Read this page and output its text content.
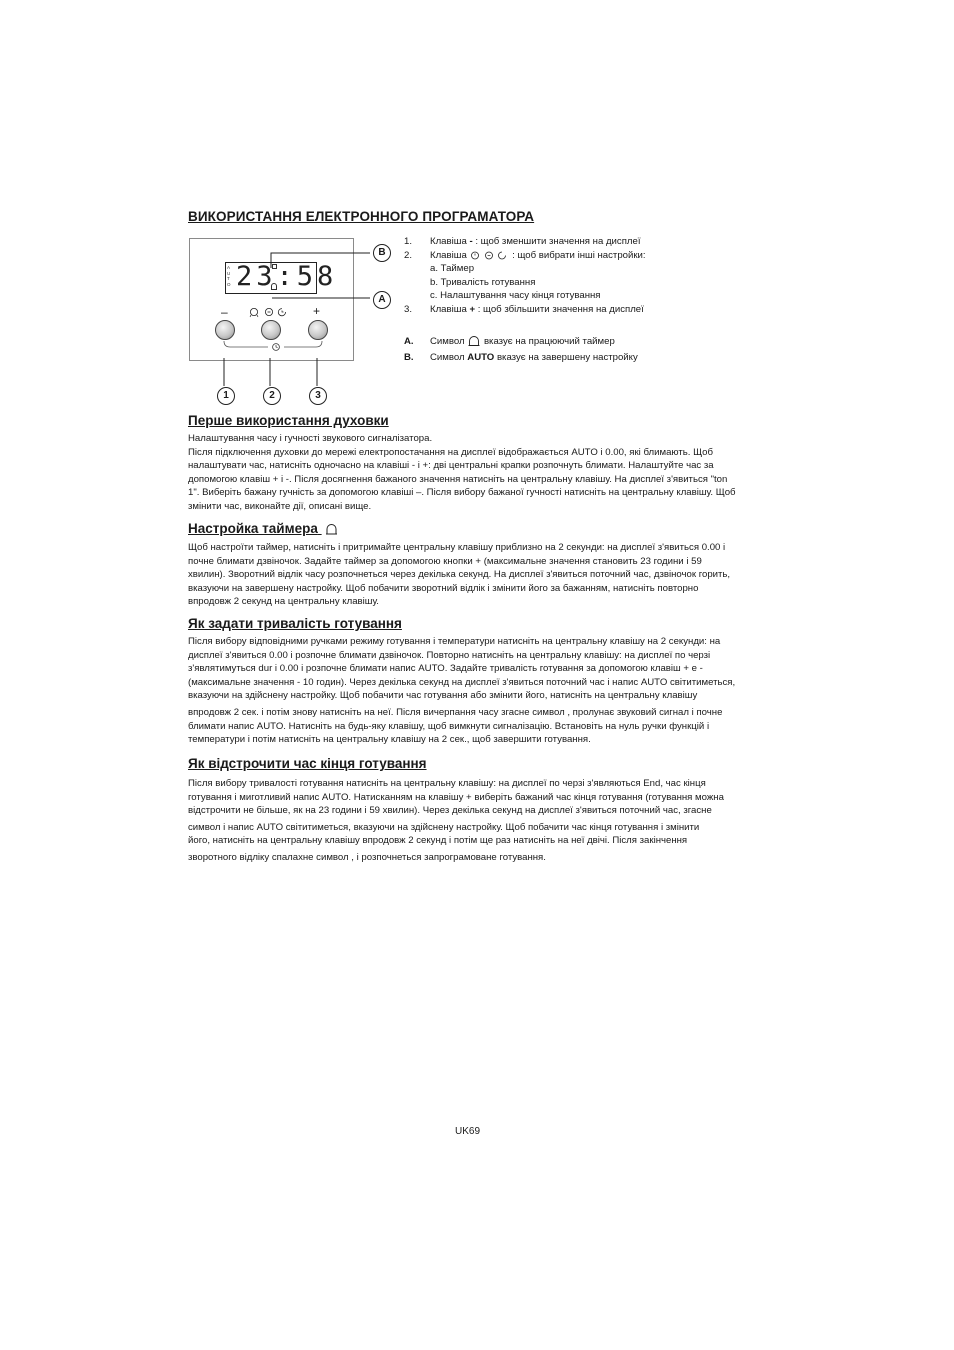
ВИКОРИСТАННЯ ЕЛЕКТРОННОГО ПРОГРАМАТОРА
A
U
T
O 23:58
–	+
B
A
1	2	3
1. Клавіша - : щоб зменшити значення на дисплеї
2. Клавіша	: щоб вибрати інші настройки:
a. Таймер
b. Тривалість готування
c. Налаштування часу кінця готування
3. Клавіша + : щоб збільшити значення на дисплеї
A. Символ  вказує на працюючий таймер
B. Символ AUTO вказує на завершену настройку
Перше використання духовки
Налаштування часу і гучності звукового сигналізатора.
Після підключення духовки до мережі електропостачання на дисплеї відображається AUTO і 0.00, які блимають. Щоб
налаштувати час, натисніть одночасно на клавіші - і +: дві центральні крапки розпочнуть блимати. Налаштуйте час за
допомогою клавіш + і -. Після досягнення бажаного значення натисніть на центральну клавішу. На дисплеї з'явиться "ton
1". Виберіть бажану гучність за допомогою клавіші –. Після вибору бажаної гучності натисніть на центральну клавішу. Щоб
змінити час, виконайте дії, описані вище.
Настройка таймера
Щоб настроїти таймер, натисніть і притримайте центральну клавішу приблизно на 2 секунди: на дисплеї з'явиться 0.00 і
почне блимати дзвіночок. Задайте таймер за допомогою кнопки + (максимальне значення становить 23 години і 59
хвилин). Зворотний відлік часу розпочнеться через декілька секунд. На дисплеї з'явиться поточний час, дзвіночок горить,
вказуючи на завершену настройку. Щоб побачити зворотний відлік і змінити його за бажанням, натисніть повторно
впродовж 2 секунд на центральну клавішу.
Як задати тривалість готування
Після вибору відповідними ручками режиму готування і температури натисніть на центральну клавішу на 2 секунди: на
дисплеї з'явиться 0.00 і розпочне блимати дзвіночок. Повторно натисніть на центральну клавішу: на дисплеї по черзі
з'являтимуться dur і 0.00 і розпочне блимати напис AUTO. Задайте тривалість готування за допомогою клавіш + e -
(максимальне значення - 10 годин). Через декілька секунд на дисплеї з'явиться поточний час і напис AUTO світитиметься,
вказуючи на здійснену настройку. Щоб побачити час готування або змінити його, натисніть на центральну клавішу
впродовж 2 сек. і потім знову натисніть на неї. Після вичерпання часу згасне символ , пролунає звуковий сигнал і почне
блимати напис AUTO. Натисніть на будь-яку клавішу, щоб вимкнути сигналізацію. Встановіть на нуль ручки функцій і
температури і потім натисніть на центральну клавішу на 2 сек., щоб завершити готування.
Як відстрочити час кінця готування
Після вибору тривалості готування натисніть на центральну клавішу: на дисплеї по черзі з'являються End, час кінця
готування і миготливий напис AUTO. Натисканням на клавішу + виберіть бажаний час кінця готування (готування можна
відстрочити не більше, як на 23 години і 59 хвилин). Через декілька секунд на дисплеї з'явиться поточний час, згасне
символ і напис AUTO світитиметься, вказуючи на здійснену настройку. Щоб побачити час кінця готування і змінити
його, натисніть на центральну клавішу впродовж 2 секунд і потім ще раз натисніть на неї двічі. Після закінчення
зворотного відліку спалахне символ , і розпочнеться запрограмоване готування.
UK69
